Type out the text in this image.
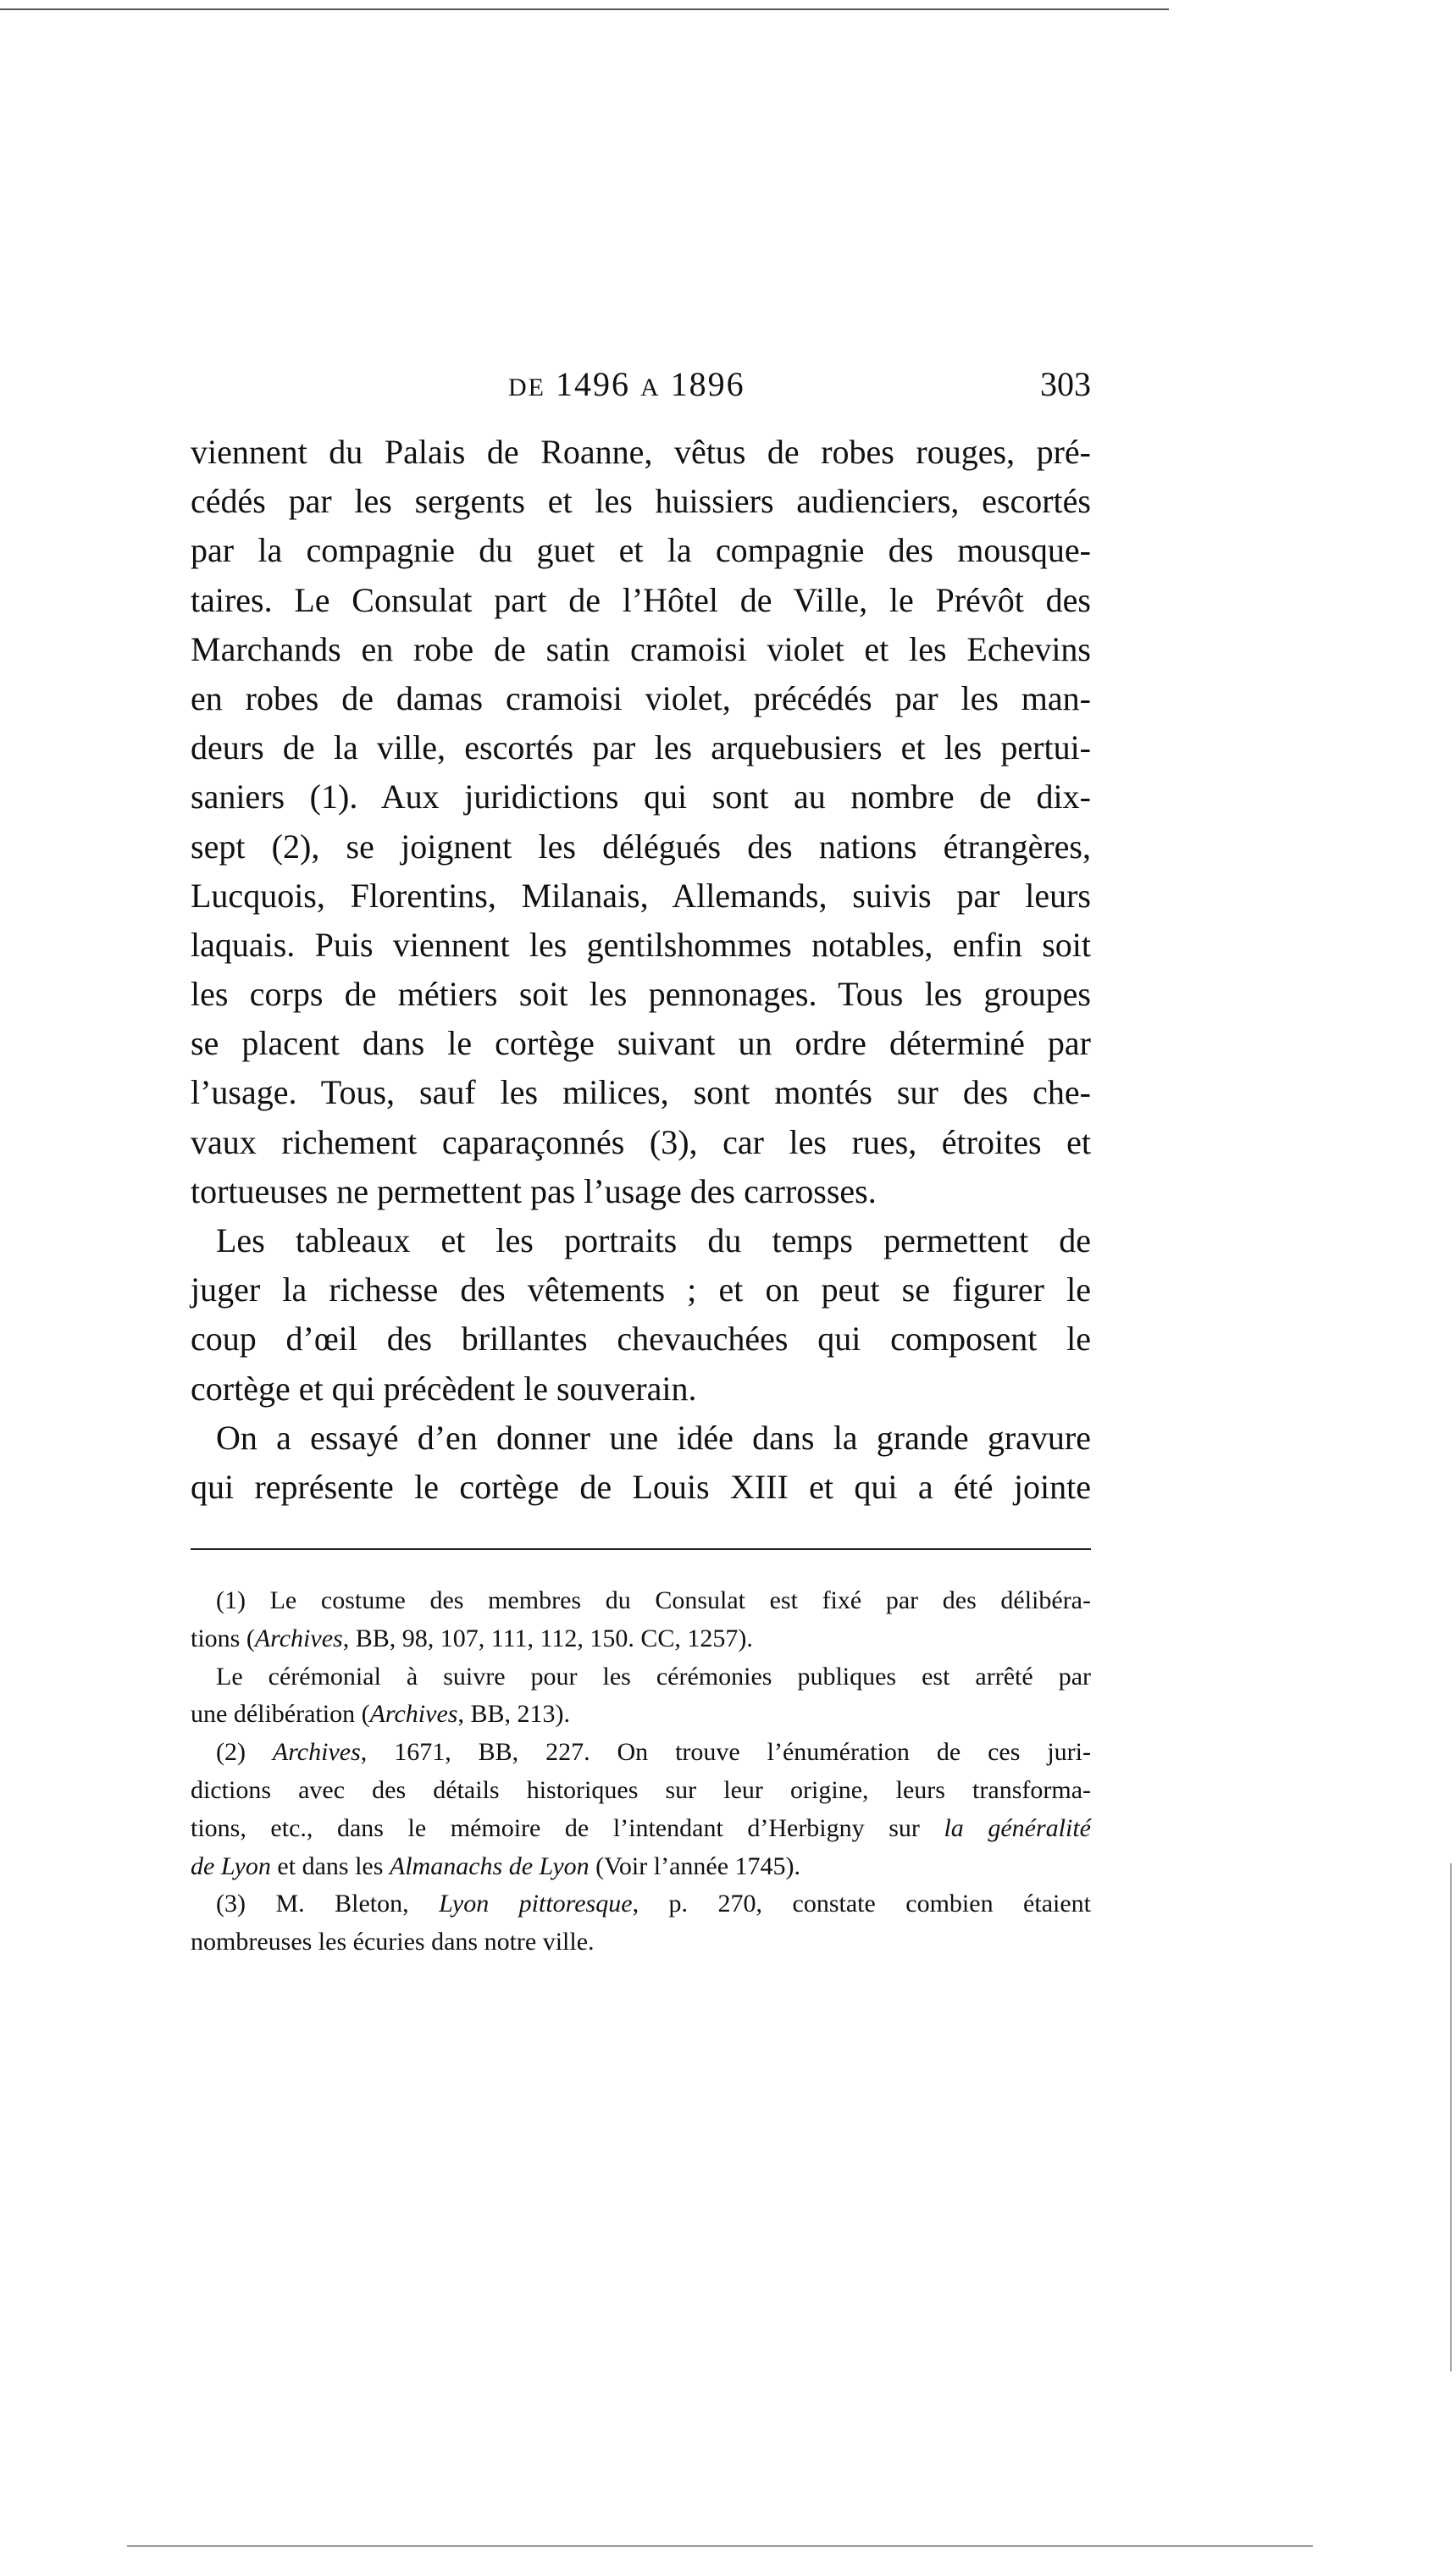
DE 1496 A 1896	303
viennent du Palais de Roanne, vêtus de robes rouges, pré-
cédés par les sergents et les huissiers audienciers, escortés
par la compagnie du guet et la compagnie des mousque-
taires. Le Consulat part de l’Hôtel de Ville, le Prévôt des
Marchands en robe de satin cramoisi violet et les Echevins
en robes de damas cramoisi violet, précédés par les man-
deurs de la ville, escortés par les arquebusiers et les pertui-
saniers (1). Aux juridictions qui sont au nombre de dix-
sept (2), se joignent les délégués des nations étrangères,
Lucquois, Florentins, Milanais, Allemands, suivis par leurs
laquais. Puis viennent les gentilshommes notables, enfin soit
les corps de métiers soit les pennonages. Tous les groupes
se placent dans le cortège suivant un ordre déterminé par
l’usage. Tous, sauf les milices, sont montés sur des che-
vaux richement caparaçonnés (3), car les rues, étroites et
tortueuses ne permettent pas l’usage des carrosses.
Les tableaux et les portraits du temps permettent de
juger la richesse des vêtements ; et on peut se figurer le
coup d’œil des brillantes chevauchées qui composent le
cortège et qui précèdent le souverain.
On a essayé d’en donner une idée dans la grande gravure
qui représente le cortège de Louis XIII et qui a été jointe
(1) Le costume des membres du Consulat est fixé par des délibéra-
tions (Archives, BB, 98, 107, 111, 112, 150. CC, 1257).
Le cérémonial à suivre pour les cérémonies publiques est arrêté par
une délibération (Archives, BB, 213).
(2) Archives, 1671, BB, 227. On trouve l’énumération de ces juri-
dictions avec des détails historiques sur leur origine, leurs transforma-
tions, etc., dans le mémoire de l’intendant d’Herbigny sur la généralité
de Lyon et dans les Almanachs de Lyon (Voir l’année 1745).
(3) M. Bleton, Lyon pittoresque, p. 270, constate combien étaient
nombreuses les écuries dans notre ville.
